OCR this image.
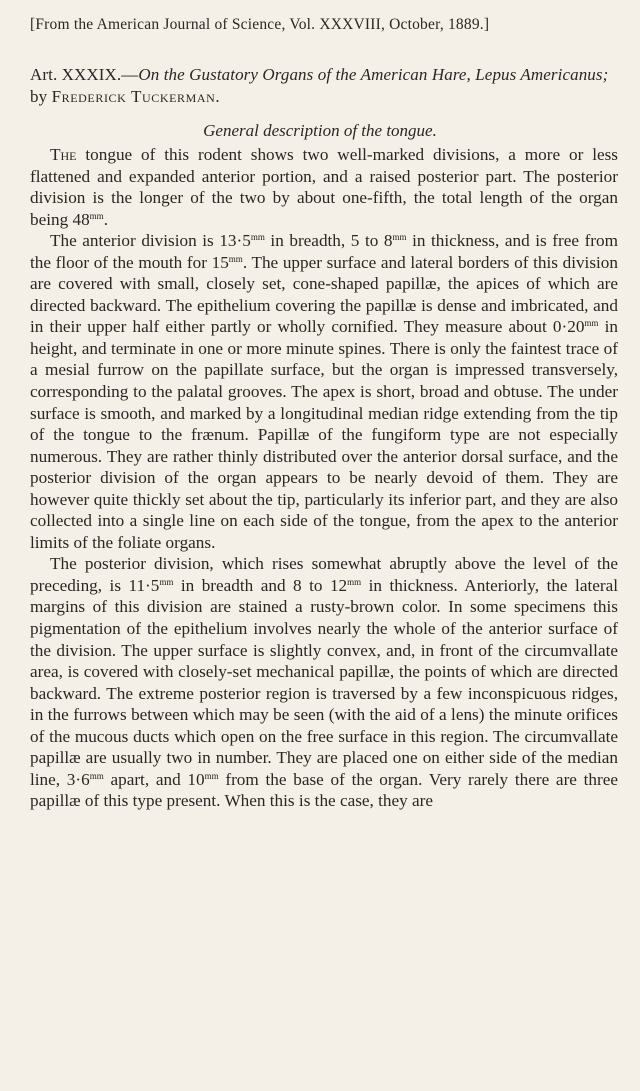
[From the American Journal of Science, Vol. XXXVIII, October, 1889.]
Art. XXXIX.—On the Gustatory Organs of the American Hare, Lepus Americanus; by Frederick Tuckerman.
General description of the tongue.

The tongue of this rodent shows two well-marked divisions, a more or less flattened and expanded anterior portion, and a raised posterior part. The posterior division is the longer of the two by about one-fifth, the total length of the organ being $48^{mm}$.

The anterior division is $13\cdot 5^{mm}$ in breadth, 5 to $8^{mm}$ in thickness, and is free from the floor of the mouth for $15^{mm}$. The upper surface and lateral borders of this division are covered with small, closely set, cone-shaped papillæ, the apices of which are directed backward. The epithelium covering the papillæ is dense and imbricated, and in their upper half either partly or wholly cornified. They measure about $0\cdot 20^{mm}$ in height, and terminate in one or more minute spines. There is only the faintest trace of a mesial furrow on the papillate surface, but the organ is impressed transversely, corresponding to the palatal grooves. The apex is short, broad and obtuse. The under surface is smooth, and marked by a longitudinal median ridge extending from the tip of the tongue to the frænum. Papillæ of the fungiform type are not especially numerous. They are rather thinly distributed over the anterior dorsal surface, and the posterior division of the organ appears to be nearly devoid of them. They are however quite thickly set about the tip, particularly its inferior part, and they are also collected into a single line on each side of the tongue, from the apex to the anterior limits of the foliate organs.

The posterior division, which rises somewhat abruptly above the level of the preceding, is $11\cdot 5^{mm}$ in breadth and 8 to $12^{mm}$ in thickness. Anteriorly, the lateral margins of this division are stained a rusty-brown color. In some specimens this pigmentation of the epithelium involves nearly the whole of the anterior surface of the division. The upper surface is slightly convex, and, in front of the circumvallate area, is covered with closely-set mechanical papillæ, the points of which are directed backward. The extreme posterior region is traversed by a few inconspicuous ridges, in the furrows between which may be seen (with the aid of a lens) the minute orifices of the mucous ducts which open on the free surface in this region. The circumvallate papillæ are usually two in number. They are placed one on either side of the median line, $3\cdot 6^{mm}$ apart, and $10^{mm}$ from the base of the organ. Very rarely there are three papillæ of this type present. When this is the case, they are
